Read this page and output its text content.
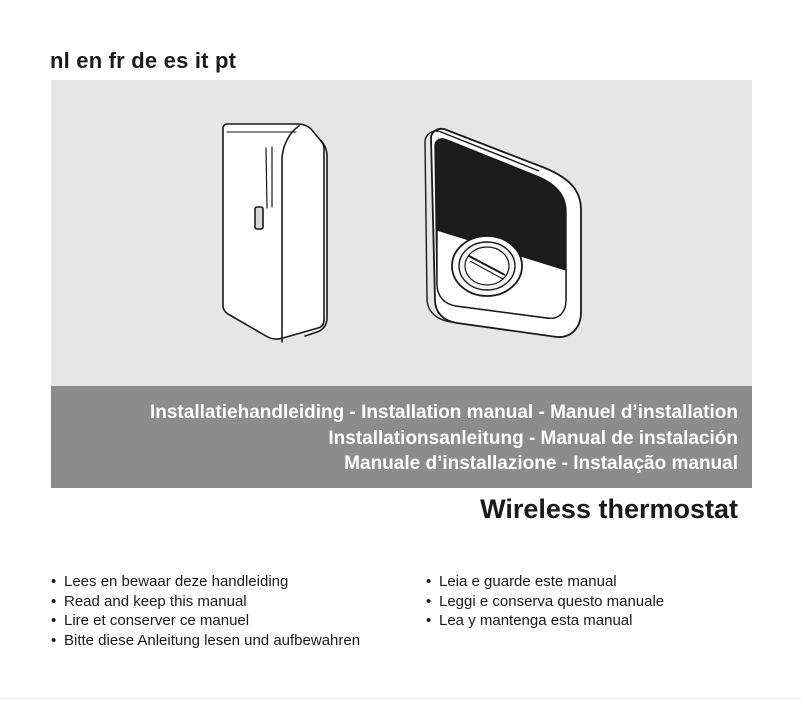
nl en fr de es it pt
Installatiehandleiding - Installation manual - Manuel d’installation
Installationsanleitung - Manual de instalación
Manuale d’installazione - Instalação manual
Wireless thermostat
• Lees en bewaar deze handleiding
• Read and keep this manual
• Lire et conserver ce manuel
• Bitte diese Anleitung lesen und aufbewahren
• Leia e guarde este manual
• Leggi e conserva questo manuale
• Lea y mantenga esta manual
